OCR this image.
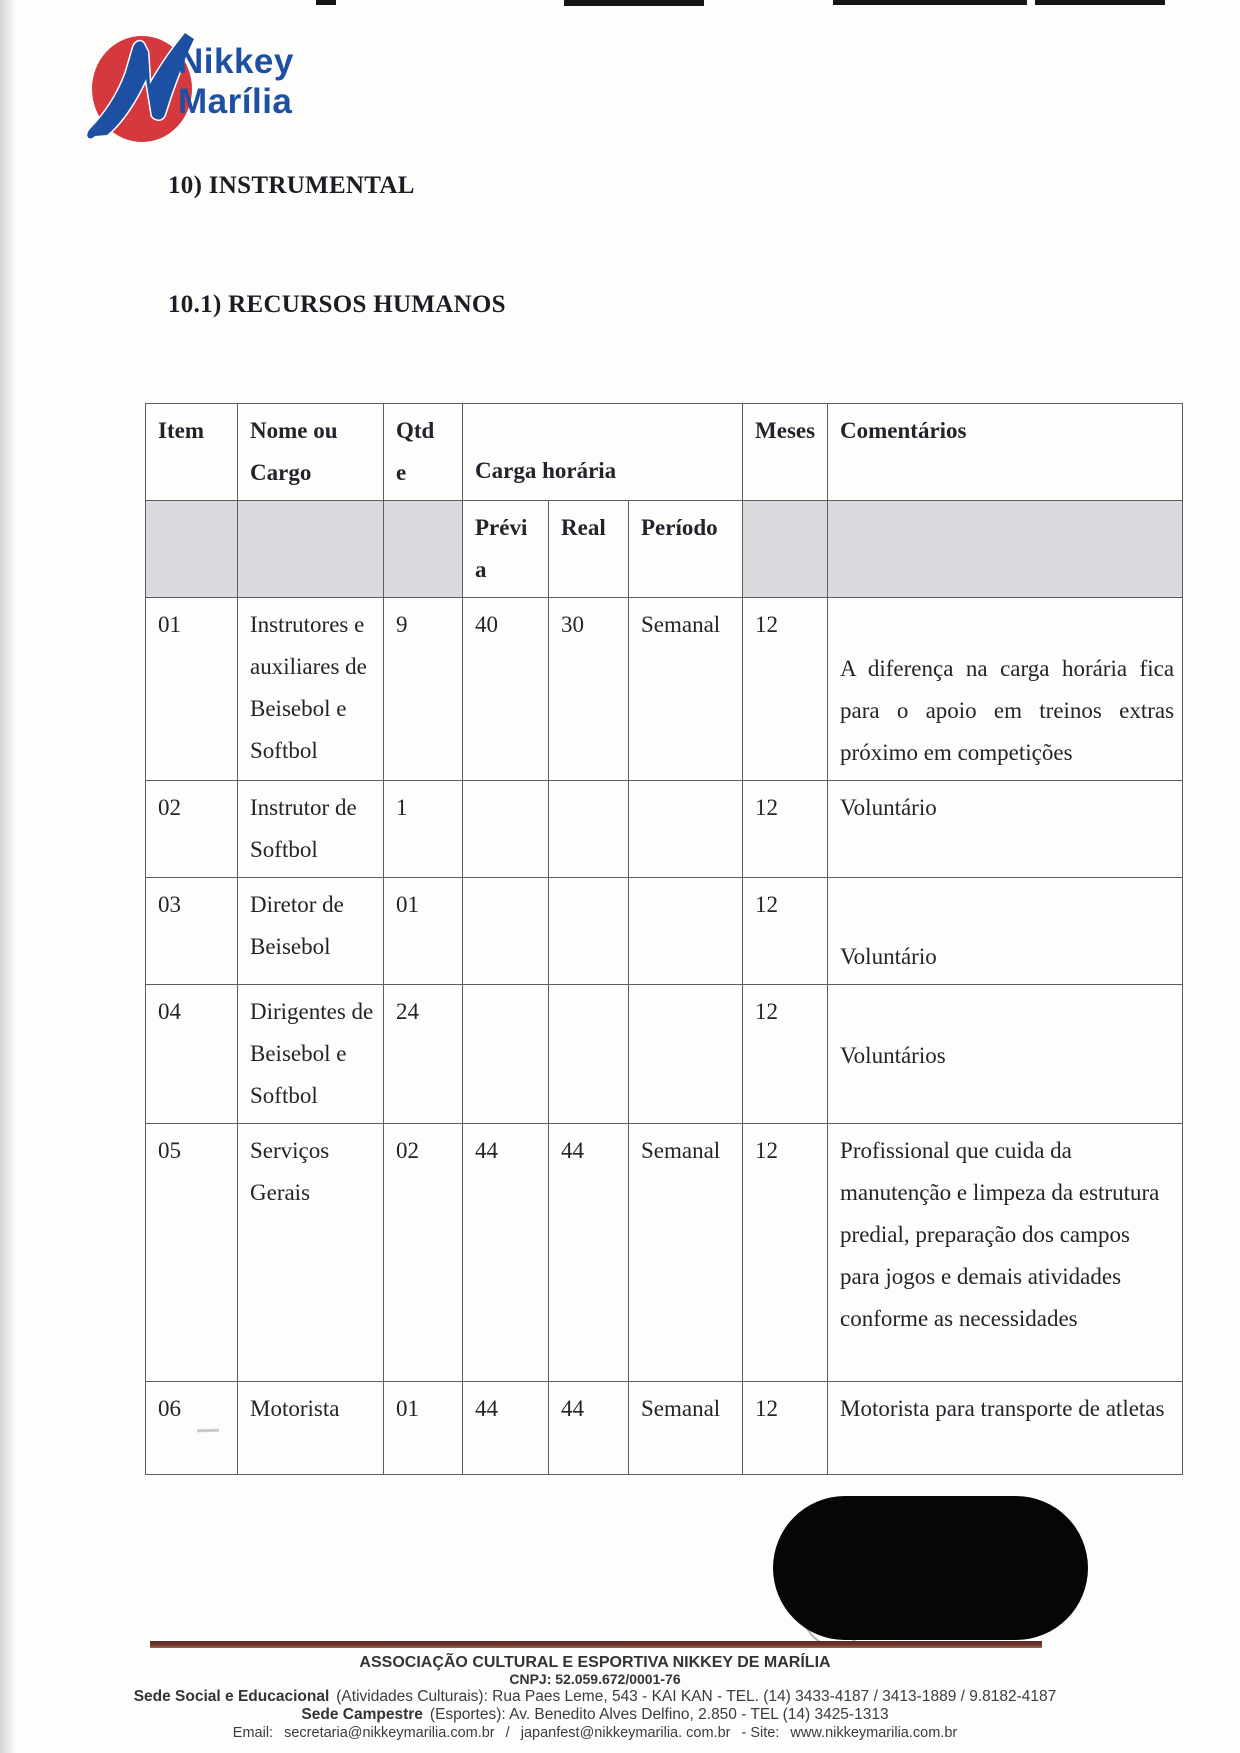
Nikkey
Marília
10) INSTRUMENTAL
10.1) RECURSOS HUMANOS
Item	Nome ou Cargo	Qtde	Carga horária			Meses	Comentários
			Prévia	Real	Período		
01	Instrutores e auxiliares de Beisebol e Softbol	9	40	30	Semanal	12	A diferença na carga horária fica para o apoio em treinos extras próximo em competições

02	Instrutor de Softbol	1				12	Voluntário
03	Diretor de Beisebol	01				12	Voluntário

04	Dirigentes de Beisebol e Softbol	24				12	Voluntários

05	Serviços Gerais	02	44	44	Semanal	12	Profissional que cuida da manutenção e limpeza da estrutura predial, preparação dos campos para jogos e demais atividades conforme as necessidades
06	Motorista	01	44	44	Semanal	12	Motorista para transporte de atletas
ASSOCIAÇÃO CULTURAL E ESPORTIVA NIKKEY DE MARÍLIA
CNPJ: 52.059.672/0001-76
Sede Social e Educacional (Atividades Culturais): Rua Paes Leme, 543 - KAI KAN - TEL. (14) 3433-4187 / 3413-1889 / 9.8182-4187
Sede Campestre (Esportes): Av. Benedito Alves Delfino, 2.850 - TEL (14) 3425-1313
Email: secretaria@nikkeymarilia.com.br / japanfest@nikkeymarilia. com.br - Site: www.nikkeymarilia.com.br
